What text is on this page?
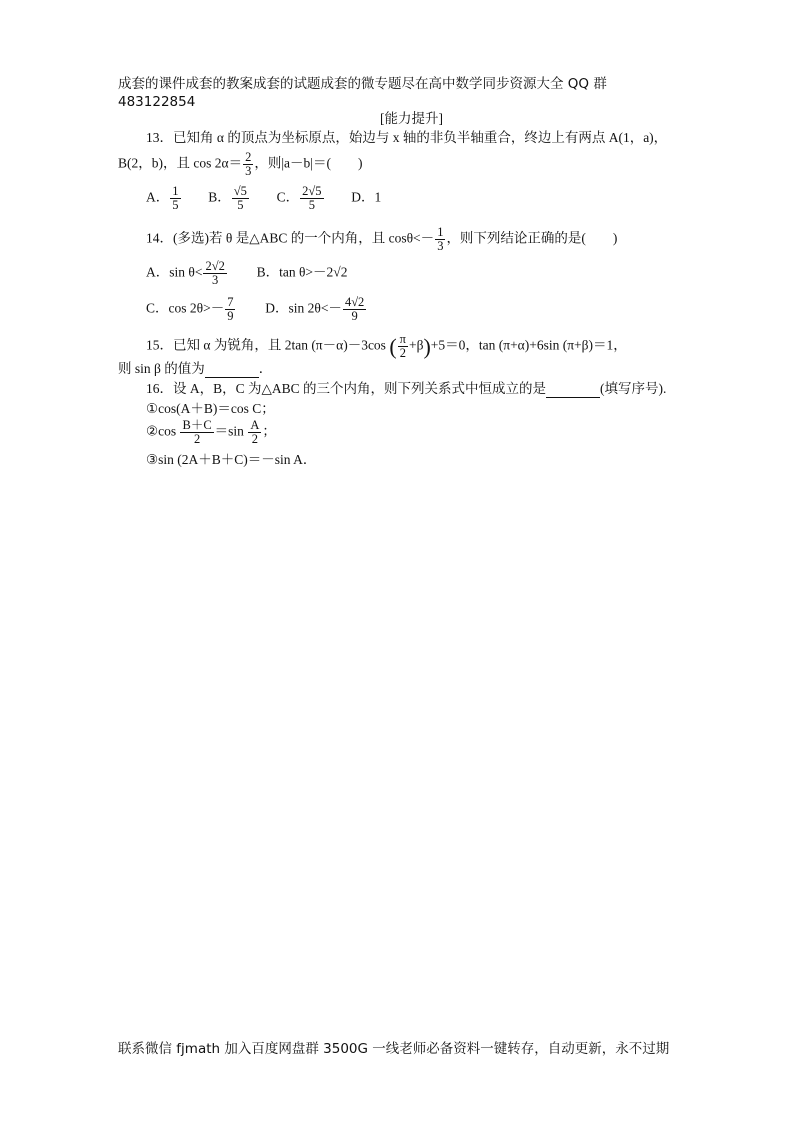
成套的课件成套的教案成套的试题成套的微专题尽在高中数学同步资源大全 QQ 群
483122854
[能力提升]
13．已知角 α 的顶点为坐标原点，始边与 x 轴的非负半轴重合，终边上有两点 A(1，a)，
B(2，b)，且 $\cos 2\alpha= \frac{2}{3}$ ，则|a－b|＝(　　)
A． $\frac{1}{5}$ B． $\frac{√5}{5}$ C． $\frac{2√5}{5}$ D．1
14．(多选)若 θ 是△ABC 的一个内角，且 $\cos\theta<- \frac{1}{3}$ ，则下列结论正确的是(　　)
A．$\sin \theta< \frac{2√2}{3}$ B．tan θ>－2√2
C．$\cos 2\theta>- \frac{7}{9}$ D．$\sin 2\theta<- \frac{4√2}{9}$
15．已知 α 为锐角，且 2tan (π－α)－3cos ( $\frac{\pi}{2} +\beta)+5=0$，tan (π+α)+6sin (π+β)＝1，
则 sin β 的值为	．
16．设 A，B，C 为△ABC 的三个内角，则下列关系式中恒成立的是	(填写序号).
①cos(A＋B)＝cos C；
②cos $\frac{B+C}{2} =\sin \frac{A}{2}$ ；
③sin (2A＋B＋C)＝－sin A．
联系微信 fjmath 加入百度网盘群 3500G 一线老师必备资料一键转存，自动更新，永不过期
